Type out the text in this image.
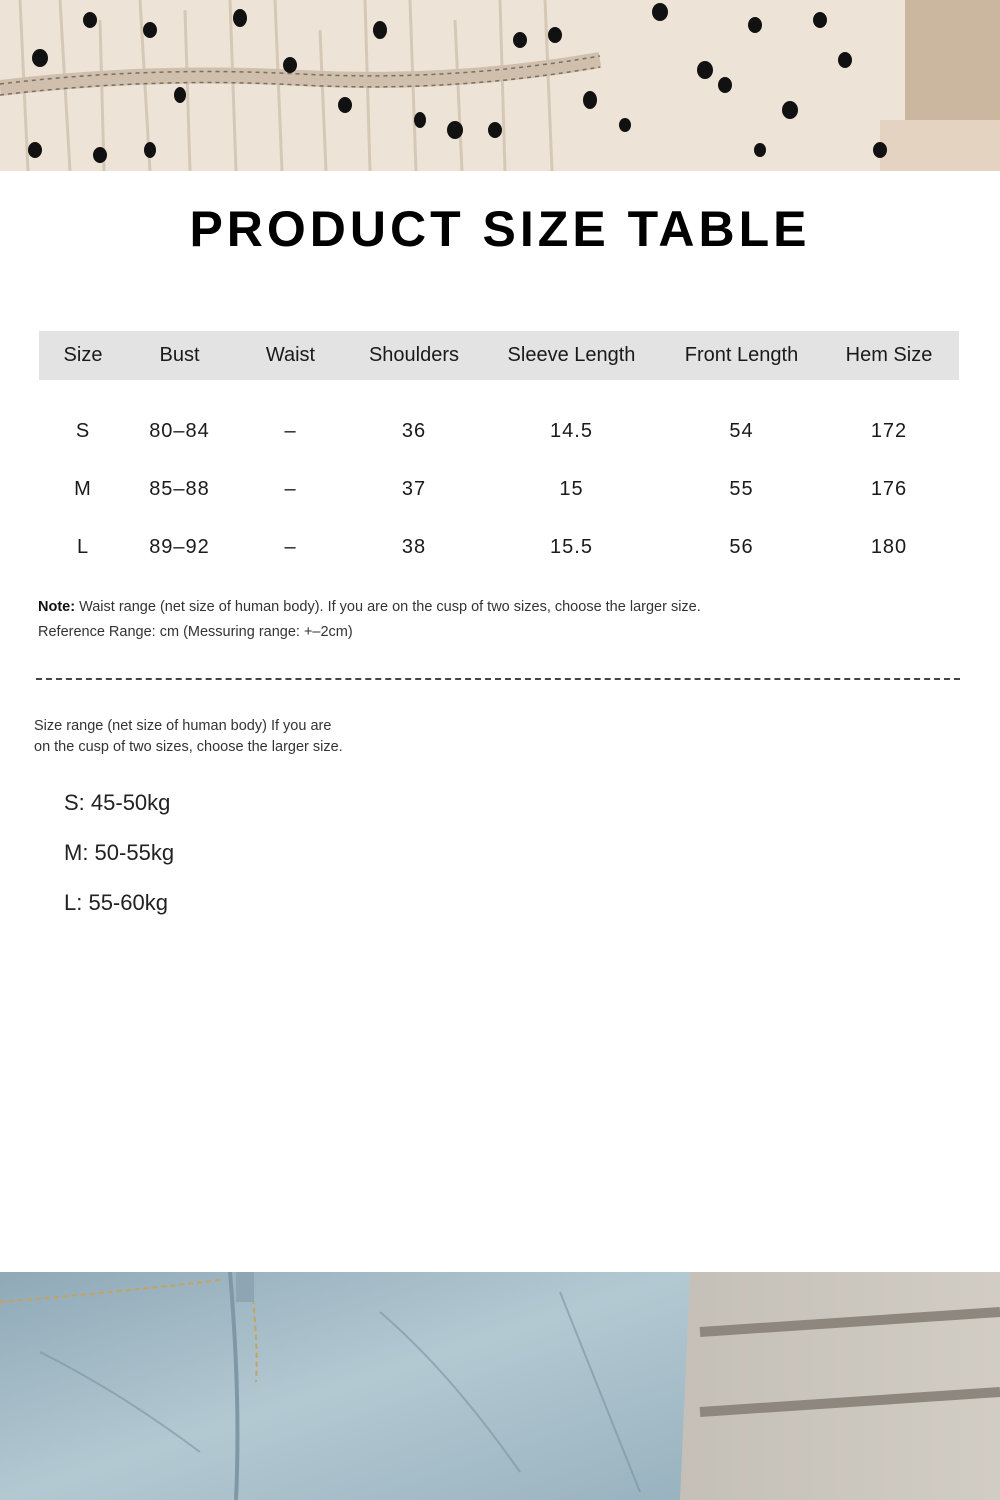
PRODUCT SIZE TABLE
Size	Bust	Waist	Shoulders	Sleeve Length	Front Length	Hem Size

S	80–84	–	36	14.5	54	172
M	85–88	–	37	15	55	176
L	89–92	–	38	15.5	56	180
Note: Waist range (net size of human body). If you are on the cusp of two sizes, choose the larger size.
Reference Range: cm (Messuring range: +–2cm)
Size range (net size of human body) If you are
on the cusp of two sizes, choose the larger size.
S: 45-50kg
M: 50-55kg
L: 55-60kg
